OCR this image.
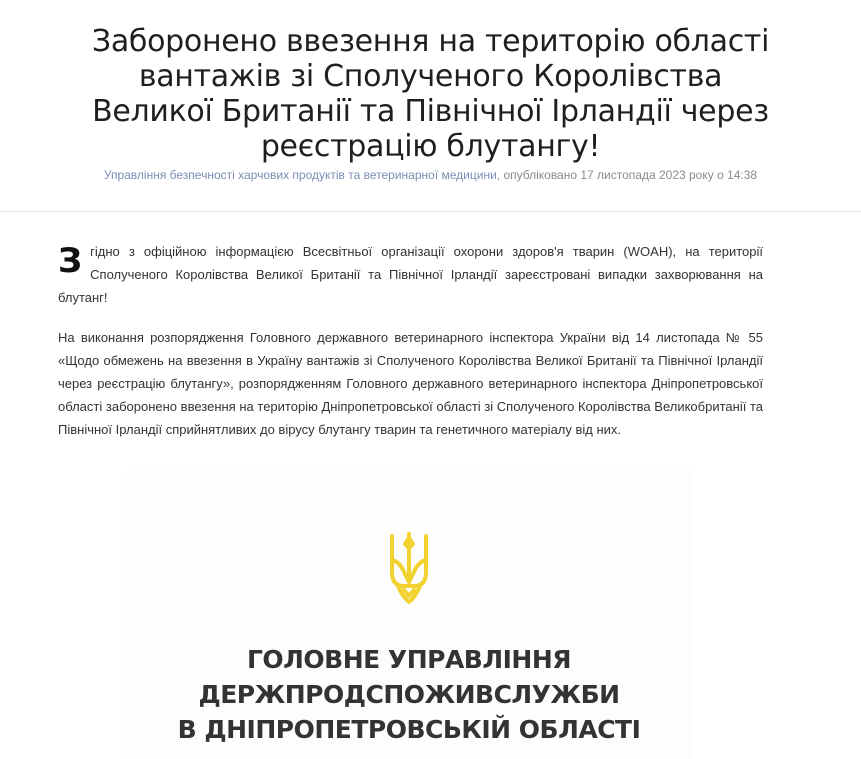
Заборонено ввезення на територію області вантажів зі Сполученого Королівства Великої Британії та Північної Ірландії через реєстрацію блутангу!
Управління безпечності харчових продуктів та ветеринарної медицини, опубліковано 17 листопада 2023 року о 14:38

Згідно з офіційною інформацією Всесвітньої організації охорони здоров'я тварин (WOAH), на території Сполученого Королівства Великої Британії та Північної Ірландії зареєстровані випадки захворювання на блутанг!

На виконання розпорядження Головного державного ветеринарного інспектора України від 14 листопада № 55 «Щодо обмежень на ввезення в Україну вантажів зі Сполученого Королівства Великої Британії та Північної Ірландії через реєстрацію блутангу», розпорядженням Головного державного ветеринарного інспектора Дніпропетровської області заборонено ввезення на територію Дніпропетровської області зі Сполученого Королівства Великобританії та Північної Ірландії сприйнятливих до вірусу блутангу тварин та генетичного матеріалу від них.

ГОЛОВНЕ УПРАВЛІННЯ
ДЕРЖПРОДСПОЖИВСЛУЖБИ
В ДНІПРОПЕТРОВСЬКІЙ ОБЛАСТІ
